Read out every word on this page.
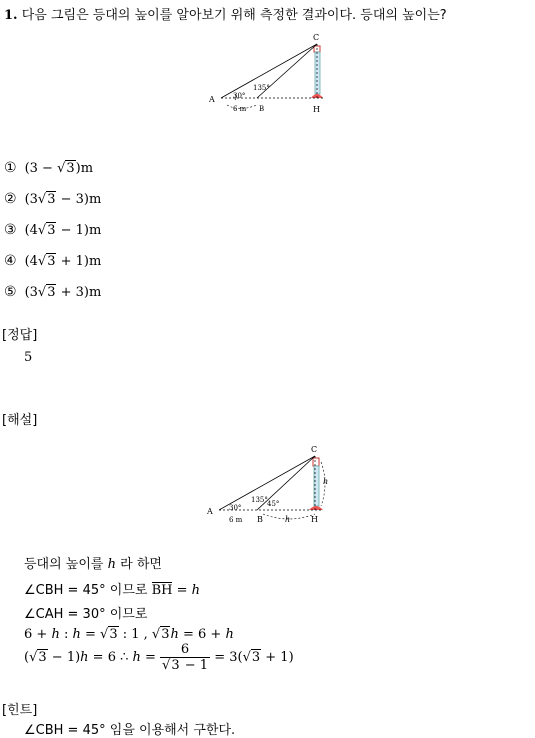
1. 다음 그림은 등대의 높이를 알아보기 위해 측정한 결과이다. 등대의 높이는?
C
A
H
B
30°
135°
6 m
① (3 − √3)m
② (3√3 − 3)m
③ (4√3 − 1)m
④ (4√3 + 1)m
⑤ (3√3 + 3)m
[정답]
5
[해설]
C
A
B	H
h
h
30°
135° 45°
6 m
등대의 높이를 h 라 하면
∠CBH = 45° 이므로 BH = h
∠CAH = 30° 이므로
6 + h : h = √3 : 1 , √3h = 6 + h
(√3 − 1)h = 6 ∴ $h = \frac{6}{√3 - 1} = 3(√3 + 1)$
[힌트]
∠CBH = 45° 임을 이용해서 구한다.
